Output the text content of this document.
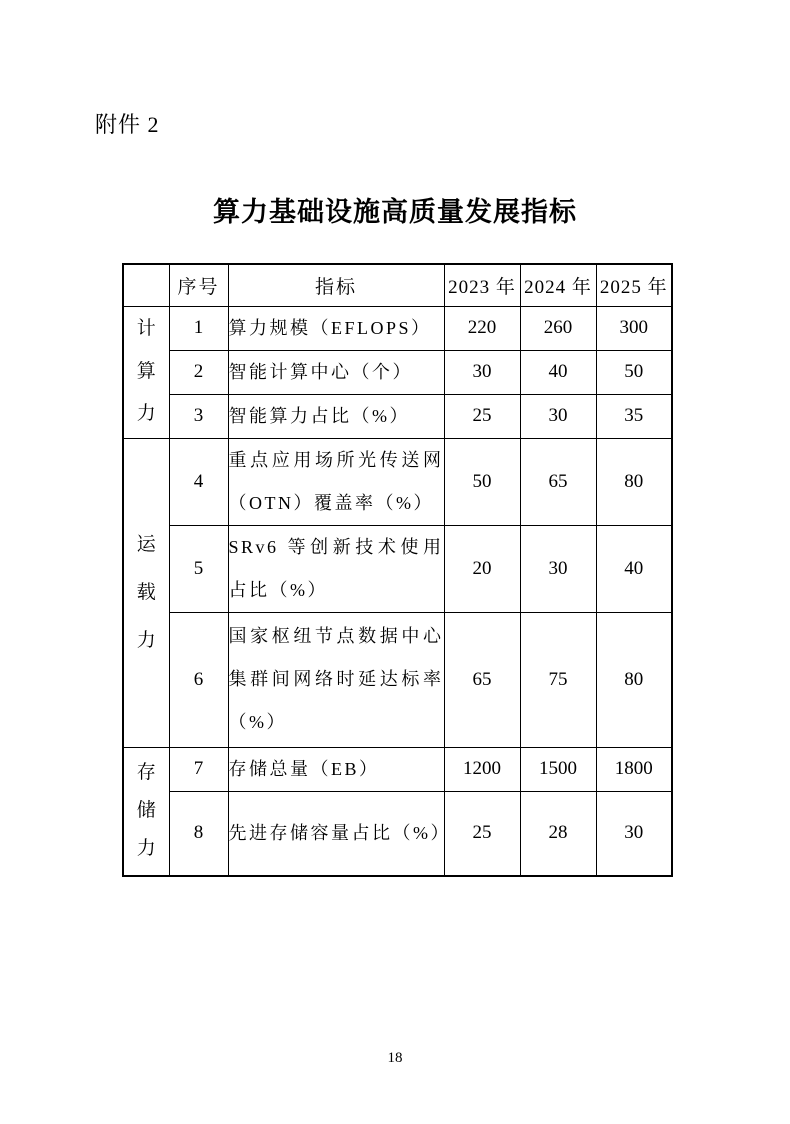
附件 2
算力基础设施高质量发展指标
	序号	指标	2023 年	2024 年	2025 年
计算力	1	算力规模（EFLOPS）	220	260	300
	2	智能计算中心（个）	30	40	50
	3	智能算力占比（%）	25	30	35
运载力	4	重点应用场所光传送网（OTN）覆盖率（%）	50	65	80
	5	SRv6 等创新技术使用占比（%）	20	30	40
	6	国家枢纽节点数据中心集群间网络时延达标率（%）	65	75	80
存储力	7	存储总量（EB）	1200	1500	1800
	8	先进存储容量占比（%）	25	28	30
18
